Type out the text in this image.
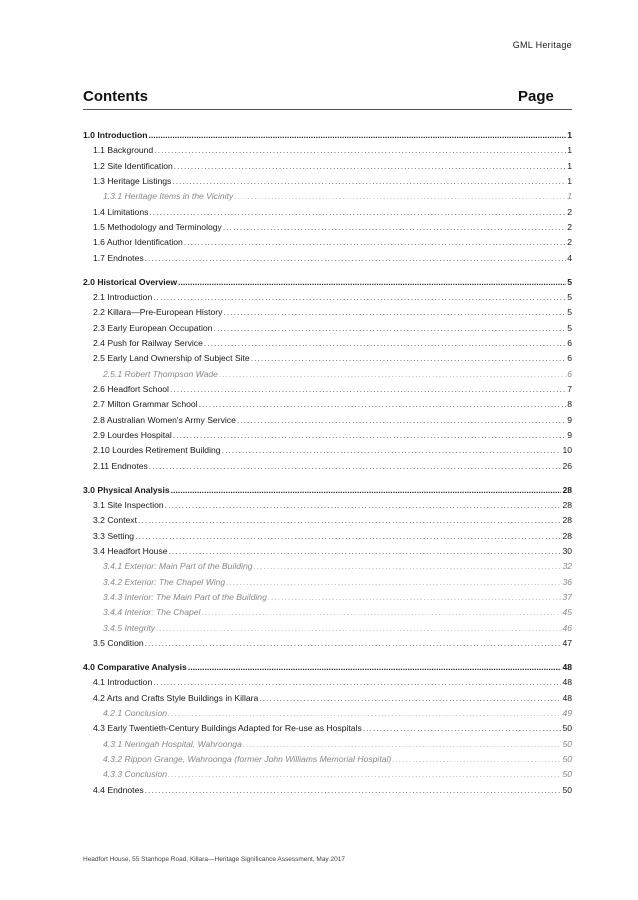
GML Heritage
Contents	Page
1.0 Introduction .....	1
1.1 Background .....	1
1.2 Site Identification .....	1
1.3 Heritage Listings .....	1
1.3.1 Heritage Items in the Vicinity .....	1
1.4 Limitations .....	2
1.5 Methodology and Terminology .....	2
1.6 Author Identification .....	2
1.7 Endnotes .....	4
2.0 Historical Overview .....	5
2.1 Introduction .....	5
2.2 Killara—Pre-European History .....	5
2.3 Early European Occupation .....	5
2.4 Push for Railway Service .....	6
2.5 Early Land Ownership of Subject Site .....	6
2.5.1 Robert Thompson Wade .....	6
2.6 Headfort School .....	7
2.7 Milton Grammar School .....	8
2.8 Australian Women's Army Service .....	9
2.9 Lourdes Hospital .....	9
2.10 Lourdes Retirement Building .....	10
2.11 Endnotes .....	26
3.0 Physical Analysis .....	28
3.1 Site Inspection .....	28
3.2 Context .....	28
3.3 Setting .....	28
3.4 Headfort House .....	30
3.4.1 Exterior: Main Part of the Building .....	32
3.4.2 Exterior: The Chapel Wing .....	36
3.4.3 Interior: The Main Part of the Building .....	37
3.4.4 Interior: The Chapel .....	45
3.4.5 Integrity .....	46
3.5 Condition .....	47
4.0 Comparative Analysis .....	48
4.1 Introduction .....	48
4.2 Arts and Crafts Style Buildings in Killara .....	48
4.2.1 Conclusion .....	49
4.3 Early Twentieth-Century Buildings Adapted for Re-use as Hospitals .....	50
4.3.1 Neringah Hospital, Wahroonga .....	50
4.3.2 Rippon Grange, Wahroonga (former John Williams Memorial Hospital) .....	50
4.3.3 Conclusion .....	50
4.4 Endnotes .....	50
Headfort House, 55 Stanhope Road, Killara—Heritage Significance Assessment, May 2017
